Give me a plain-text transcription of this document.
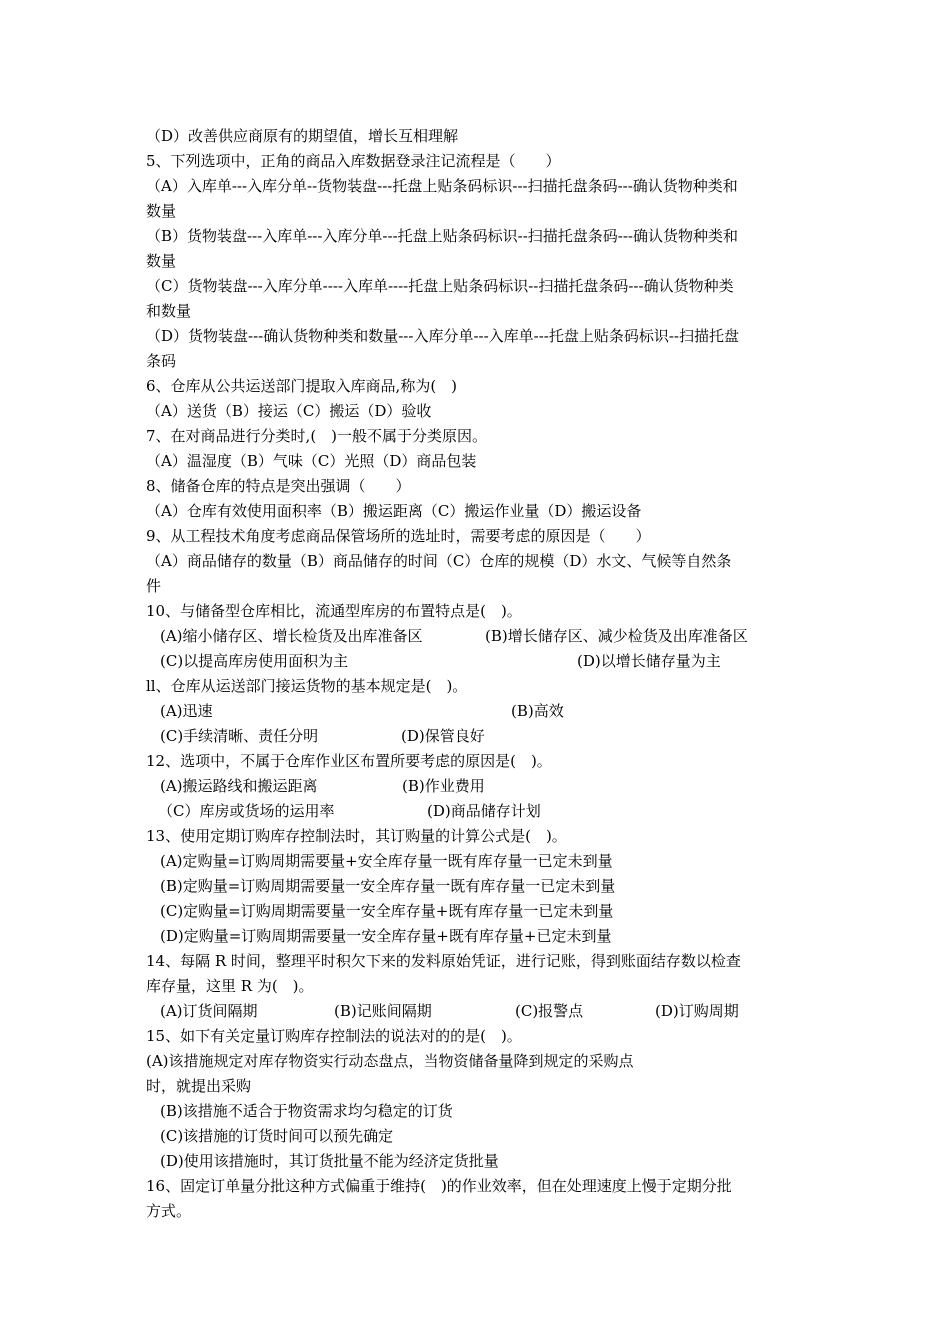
（D）改善供应商原有的期望值，增长互相理解
5、下列选项中，正角的商品入库数据登录注记流程是（　　）
（A）入库单---入库分单--货物装盘---托盘上贴条码标识---扫描托盘条码---确认货物种类和
数量
（B）货物装盘---入库单---入库分单---托盘上贴条码标识--扫描托盘条码---确认货物种类和
数量
（C）货物装盘---入库分单----入库单----托盘上贴条码标识--扫描托盘条码---确认货物种类
和数量
（D）货物装盘---确认货物种类和数量---入库分单---入库单---托盘上贴条码标识--扫描托盘
条码
6、仓库从公共运送部门提取入库商品,称为(　)
（A）送货（B）接运（C）搬运（D）验收
7、在对商品进行分类时,(　)一般不属于分类原因。
（A）温湿度（B）气味（C）光照（D）商品包装
8、储备仓库的特点是突出强调（　　）
（A）仓库有效使用面积率（B）搬运距离（C）搬运作业量（D）搬运设备
9、从工程技术角度考虑商品保管场所的选址时，需要考虑的原因是（　　）
（A）商品储存的数量（B）商品储存的时间（C）仓库的规模（D）水文、气候等自然条
件
10、与储备型仓库相比，流通型库房的布置特点是(　)。
(A)缩小储存区、增长检货及出库准备区	(B)增长储存区、减少检货及出库准备区
(C)以提高库房使用面积为主	(D)以增长储存量为主
ll、仓库从运送部门接运货物的基本规定是(　)。
(A)迅速	(B)高效
(C)手续清晰、责任分明	(D)保管良好
12、选项中，不属于仓库作业区布置所要考虑的原因是(　)。
(A)搬运路线和搬运距离	(B)作业费用
（C）库房或货场的运用率	(D)商品储存计划
13、使用定期订购库存控制法时，其订购量的计算公式是(　)。
(A)定购量=订购周期需要量+安全库存量一既有库存量一已定未到量
(B)定购量=订购周期需要量一安全库存量一既有库存量一已定未到量
(C)定购量=订购周期需要量一安全库存量+既有库存量一已定未到量
(D)定购量=订购周期需要量一安全库存量+既有库存量+已定未到量
14、每隔 R 时间，整理平时积欠下来的发料原始凭证，进行记账，得到账面结存数以检查
库存量，这里 R 为(　)。
(A)订货间隔期	(B)记账间隔期	(C)报警点	(D)订购周期
15、如下有关定量订购库存控制法的说法对的的是(　)。
(A)该措施规定对库存物资实行动态盘点，当物资储备量降到规定的采购点
时，就提出采购
(B)该措施不适合于物资需求均匀稳定的订货
(C)该措施的订货时间可以预先确定
(D)使用该措施时，其订货批量不能为经济定货批量
16、固定订单量分批这种方式偏重于维持(　)的作业效率，但在处理速度上慢于定期分批
方式。
